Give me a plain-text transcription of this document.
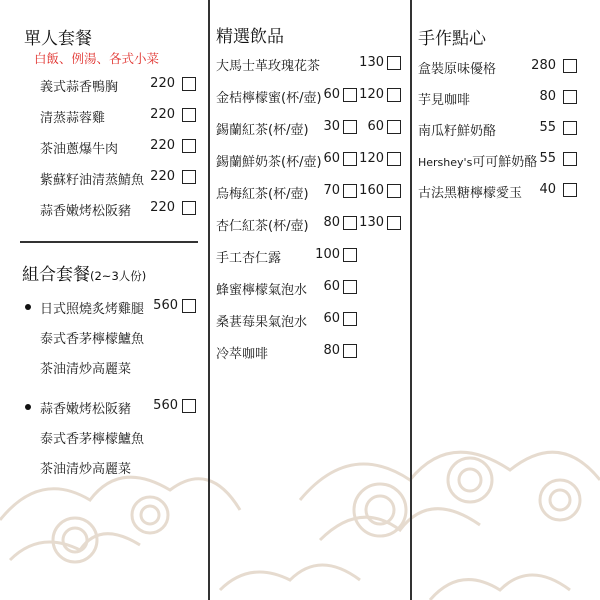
單人套餐
白飯、例湯、各式小菜
義式蒜香鴨胸	220
清蒸蒜蓉雞	220
茶油蔥爆牛肉	220
紫蘇籽油清蒸鯖魚 220
蒜香嫩烤松阪豬	220
組合套餐(2~3人份)
日式照燒炙烤雞腿
泰式香茅檸檬鱸魚
茶油清炒高麗菜
560
蒜香嫩烤松阪豬
泰式香茅檸檬鱸魚
茶油清炒高麗菜
560
精選飲品
大馬士革玫瑰花茶	130
金桔檸檬蜜(杯/壺) 60	120
錫蘭紅茶(杯/壺)	30	60
錫蘭鮮奶茶(杯/壺) 60	120
烏梅紅茶(杯/壺)	70	160
杏仁紅茶(杯/壺)	80	130
手工杏仁露	100
蜂蜜檸檬氣泡水	60
桑葚莓果氣泡水	60
冷萃咖啡	80
手作點心
盒裝原味優格	280
芋見咖啡	80
南瓜籽鮮奶酪	55
Hershey's可可鮮奶酪 55
古法黑糖檸檬愛玉	40
